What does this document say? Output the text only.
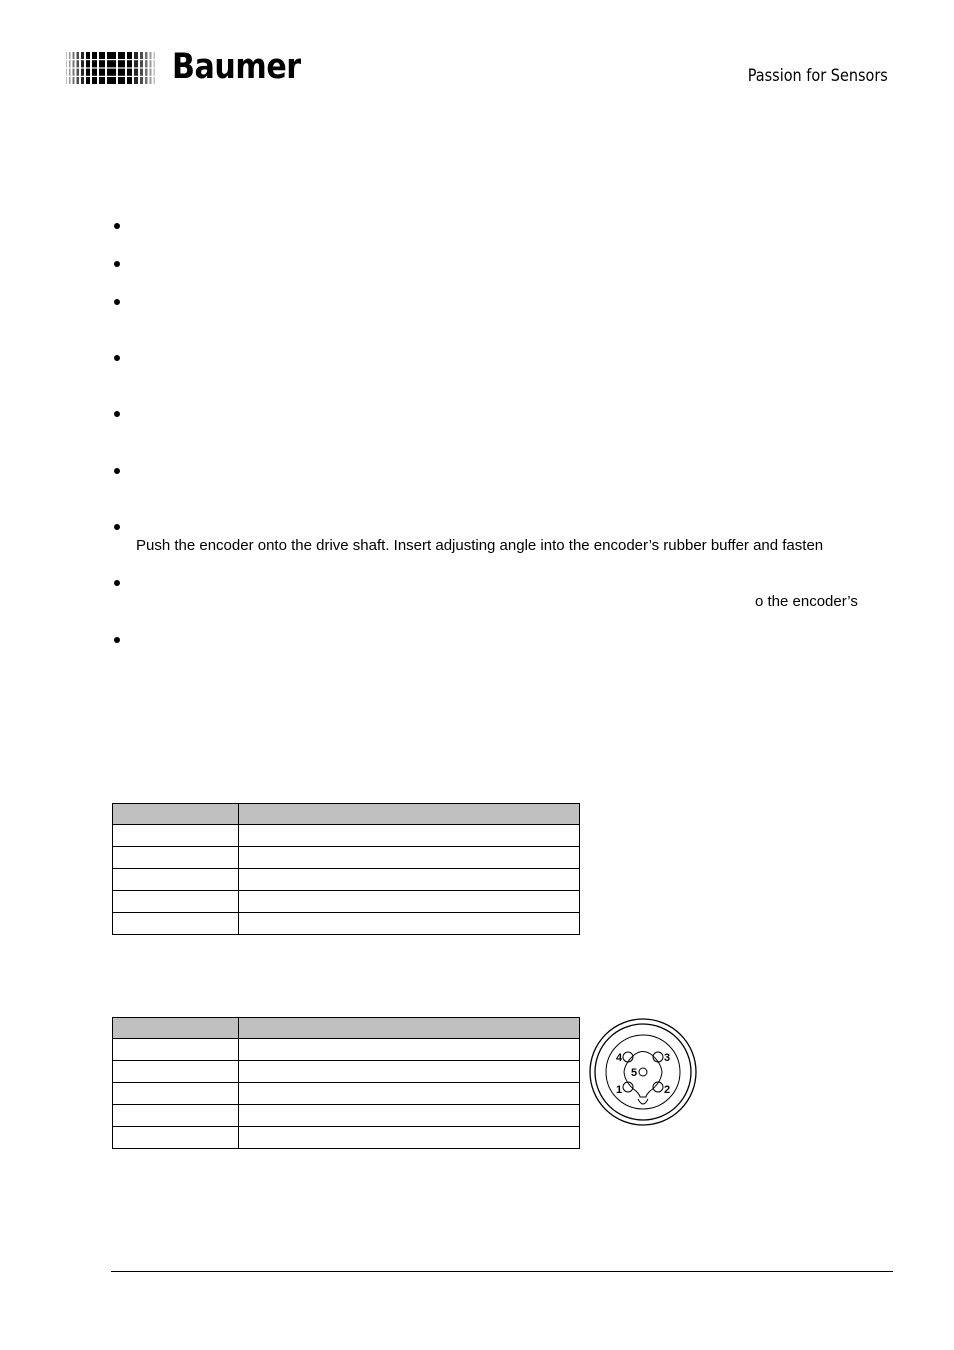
Baumer	Passion for Sensors
Push the encoder onto the drive shaft. Insert adjusting angle into the encoder’s rubber buffer and fasten
o the encoder’s

4	3
5
1	2
